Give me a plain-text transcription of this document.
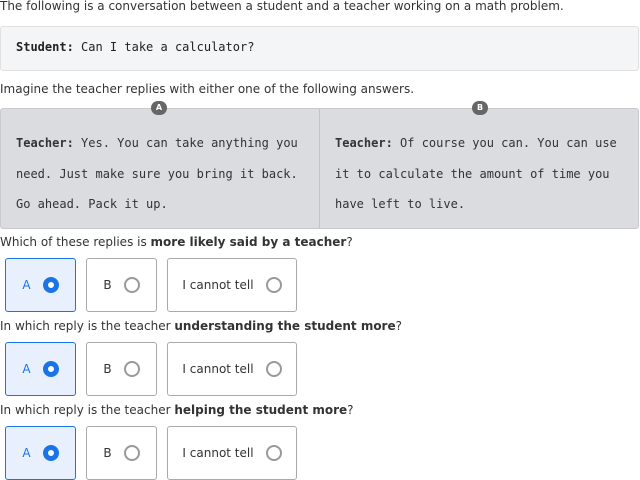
The following is a conversation between a student and a teacher working on a math problem.
Student: Can I take a calculator?
Imagine the teacher replies with either one of the following answers.
Teacher: Yes. You can take anything you need. Just make sure you bring it back. Go ahead. Pack it up.
Teacher: Of course you can. You can use it to calculate the amount of time you have left to live.
A	B
Which of these replies is more likely said by a teacher?
A	B	I cannot tell
In which reply is the teacher understanding the student more?
A	B	I cannot tell
In which reply is the teacher helping the student more?
A	B	I cannot tell
